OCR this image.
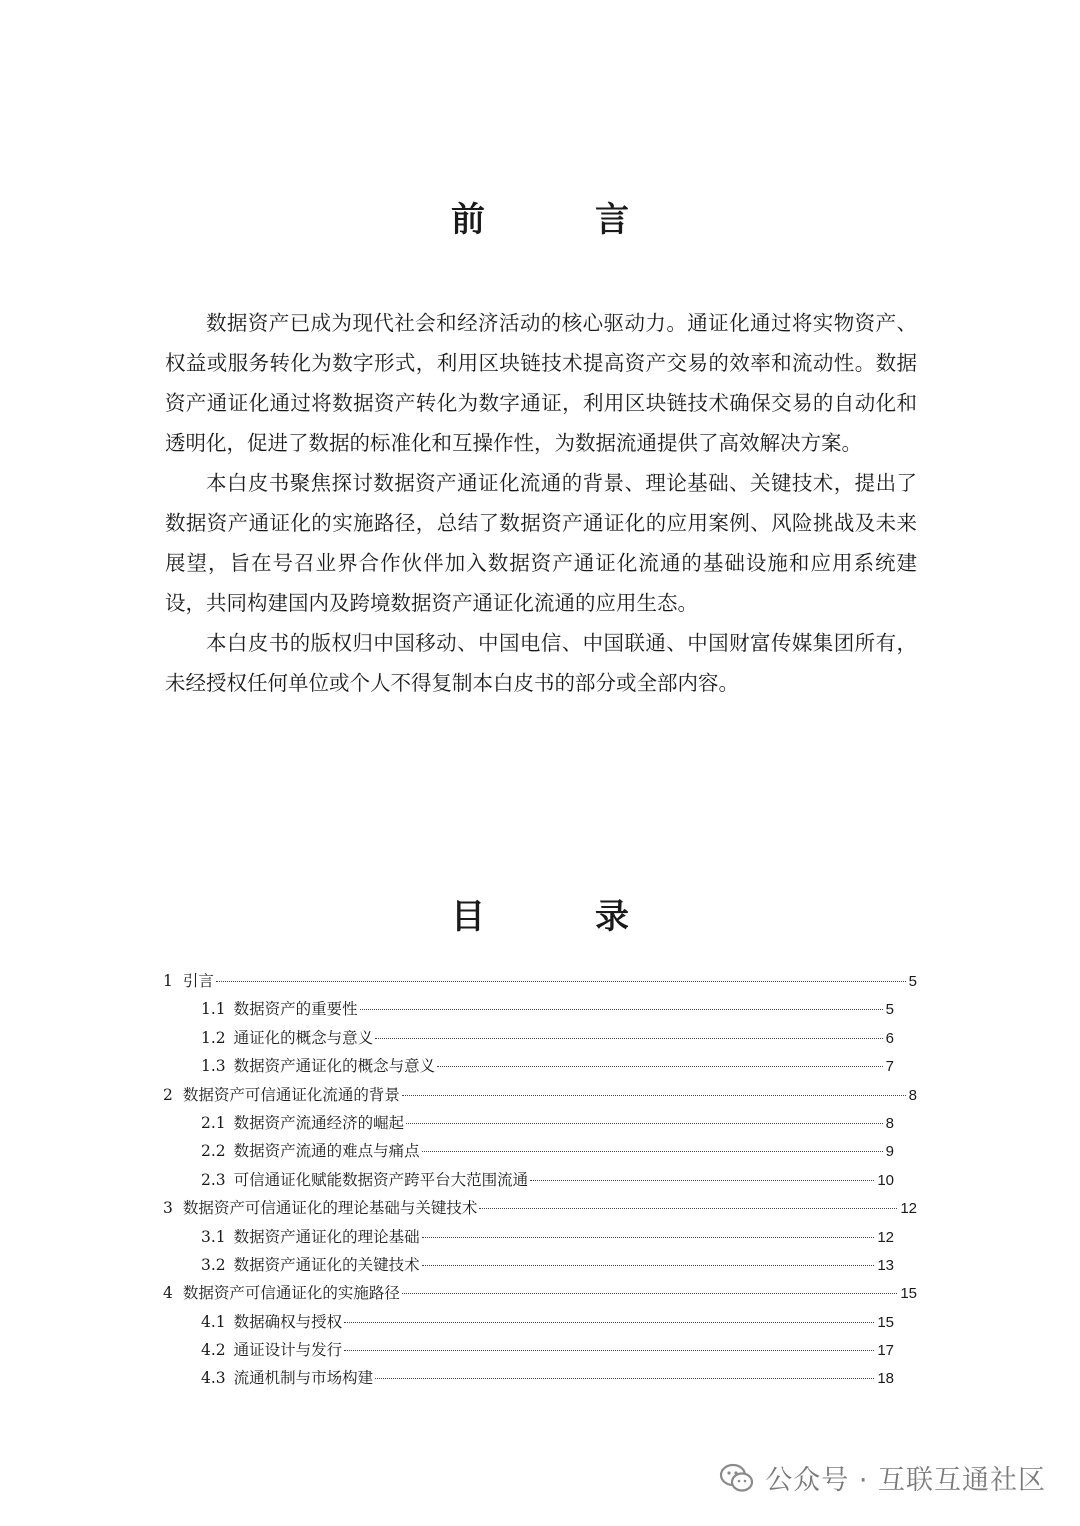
前　言

数据资产已成为现代社会和经济活动的核心驱动力。通证化通过将实物资产、权益或服务转化为数字形式，利用区块链技术提高资产交易的效率和流动性。数据资产通证化通过将数据资产转化为数字通证，利用区块链技术确保交易的自动化和透明化，促进了数据的标准化和互操作性，为数据流通提供了高效解决方案。

本白皮书聚焦探讨数据资产通证化流通的背景、理论基础、关键技术，提出了数据资产通证化的实施路径，总结了数据资产通证化的应用案例、风险挑战及未来展望，旨在号召业界合作伙伴加入数据资产通证化流通的基础设施和应用系统建设，共同构建国内及跨境数据资产通证化流通的应用生态。

本白皮书的版权归中国移动、中国电信、中国联通、中国财富传媒集团所有，未经授权任何单位或个人不得复制本白皮书的部分或全部内容。

目　录
1 引言	5
1.1 数据资产的重要性	5
1.2 通证化的概念与意义	6
1.3 数据资产通证化的概念与意义	7
2 数据资产可信通证化流通的背景	8
2.1 数据资产流通经济的崛起	8
2.2 数据资产流通的难点与痛点	9
2.3 可信通证化赋能数据资产跨平台大范围流通	10
3 数据资产可信通证化的理论基础与关键技术	12
3.1 数据资产通证化的理论基础	12
3.2 数据资产通证化的关键技术	13
4 数据资产可信通证化的实施路径	15
4.1 数据确权与授权	15
4.2 通证设计与发行	17
4.3 流通机制与市场构建	18
公众号 · 互联互通社区
